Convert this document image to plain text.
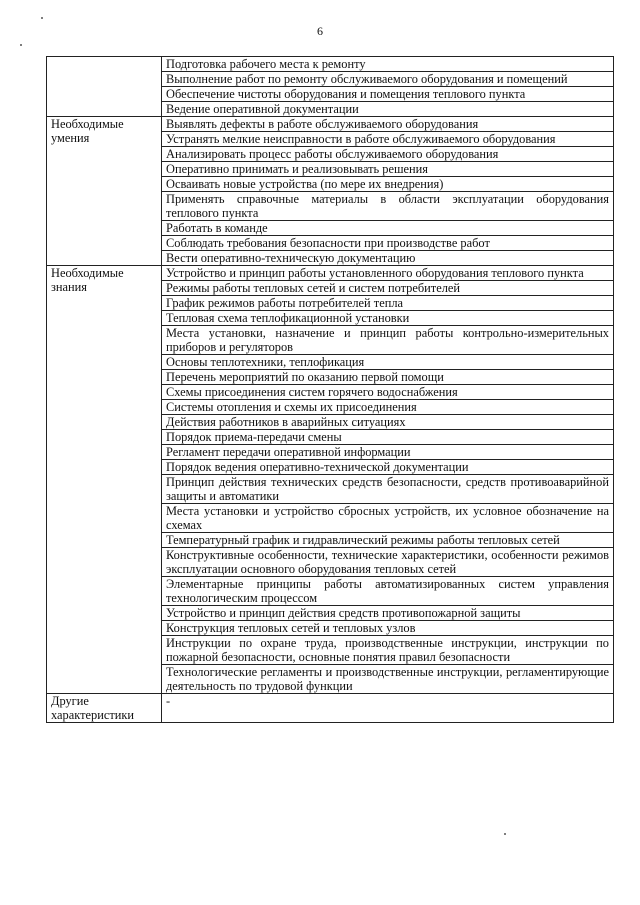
6
	Подготовка рабочего места к ремонту
	Выполнение работ по ремонту обслуживаемого оборудования и помещений
	Обеспечение чистоты оборудования и помещения теплового пункта
	Ведение оперативной документации
Необходимые умения	Выявлять дефекты в работе обслуживаемого оборудования
	Устранять мелкие неисправности в работе обслуживаемого оборудования
	Анализировать процесс работы обслуживаемого оборудования
	Оперативно принимать и реализовывать решения
	Осваивать новые устройства (по мере их внедрения)
	Применять справочные материалы в области эксплуатации оборудования теплового пункта
	Работать в команде
	Соблюдать требования безопасности при производстве работ
	Вести оперативно-техническую документацию
Необходимые знания	Устройство и принцип работы установленного оборудования теплового пункта
	Режимы работы тепловых сетей и систем потребителей
	График режимов работы потребителей тепла
	Тепловая схема теплофикационной установки
	Места установки, назначение и принцип работы контрольно-измерительных приборов и регуляторов
	Основы теплотехники, теплофикация
	Перечень мероприятий по оказанию первой помощи
	Схемы присоединения систем горячего водоснабжения
	Системы отопления и схемы их присоединения
	Действия работников в аварийных ситуациях
	Порядок приема-передачи смены
	Регламент передачи оперативной информации
	Порядок ведения оперативно-технической документации
	Принцип действия технических средств безопасности, средств противоаварийной защиты и автоматики
	Места установки и устройство сбросных устройств, их условное обозначение на схемах
	Температурный график и гидравлический режимы работы тепловых сетей
	Конструктивные особенности, технические характеристики, особенности режимов эксплуатации основного оборудования тепловых сетей
	Элементарные принципы работы автоматизированных систем управления технологическим процессом
	Устройство и принцип действия средств противопожарной защиты
	Конструкция тепловых сетей и тепловых узлов
	Инструкции по охране труда, производственные инструкции, инструкции по пожарной безопасности, основные понятия правил безопасности
	Технологические регламенты и производственные инструкции, регламентирующие деятельность по трудовой функции
Другие характеристики	-
